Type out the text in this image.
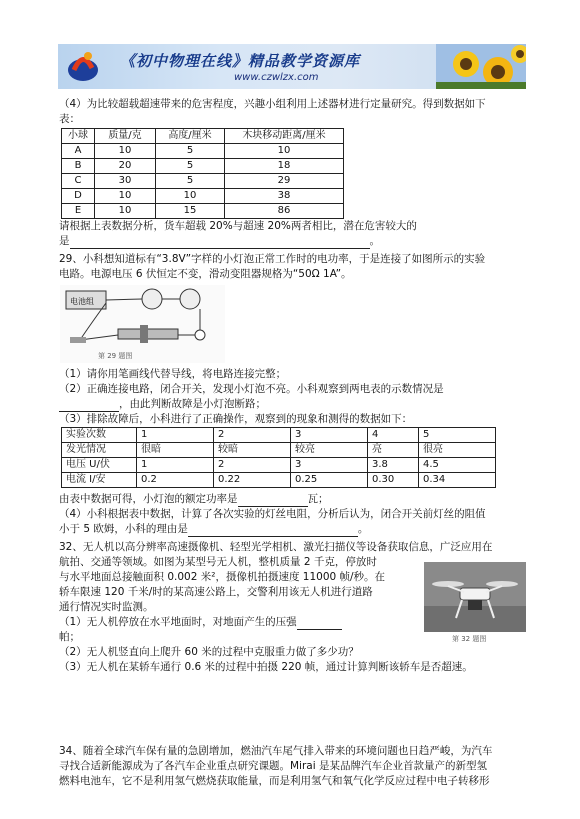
《初中物理在线》精品教学资源库
www.czwlzx.com
（4）为比较超载超速带来的危害程度，兴趣小组利用上述器材进行定量研究。得到数据如下
表：
小球	质量/克	高度/厘米	木块移动距离/厘米
A	10	5	10
B	20	5	18
C	30	5	29
D	10	10	38
E	10	15	86
请根据上表数据分析，货车超载 20%与超速 20%两者相比，潜在危害较大的
是	。
29、小科想知道标有“3.8V”字样的小灯泡正常工作时的电功率，于是连接了如图所示的实验
电路。电源电压 6 伏恒定不变，滑动变阻器规格为“50Ω 1A”。
电池组
第 29 题图
（1）请你用笔画线代替导线，将电路连接完整；
（2）正确连接电路，闭合开关，发现小灯泡不亮。小科观察到两电表的示数情况是
，由此判断故障是小灯泡断路；
（3）排除故障后，小科进行了正确操作，观察到的现象和测得的数据如下：
实验次数	1	2	3	4	5
发光情况	很暗	较暗	较亮	亮	很亮
电压 U/伏	1	2	3	3.8	4.5
电流 I/安	0.2	0.22	0.25	0.30	0.34
由表中数据可得，小灯泡的额定功率是	瓦；
（4）小科根据表中数据，计算了各次实验的灯丝电阻，分析后认为，闭合开关前灯丝的阻值
小于 5 欧姆，小科的理由是	。
32、无人机以高分辨率高速摄像机、轻型光学相机、激光扫描仪等设备获取信息，广泛应用在
航拍、交通等领域。如图为某型号无人机，整机质量 2 千克，停放时
与水平地面总接触面积 0.002 米²，摄像机拍摄速度 11000 帧/秒。在
轿车限速 120 千米/时的某高速公路上，交警利用该无人机进行道路
通行情况实时监测。
第 32 题图
（1）无人机停放在水平地面时，对地面产生的压强
帕；
（2）无人机竖直向上爬升 60 米的过程中克服重力做了多少功？
（3）无人机在某轿车通行 0.6 米的过程中拍摄 220 帧，通过计算判断该轿车是否超速。
34、随着全球汽车保有量的急剧增加，燃油汽车尾气排入带来的环境问题也日趋严峻，为汽车
寻找合适新能源成为了各汽车企业重点研究课题。Mirai 是某品牌汽车企业首款量产的新型氢
燃料电池车，它不是利用氢气燃烧获取能量，而是利用氢气和氧气化学反应过程中电子转移形
